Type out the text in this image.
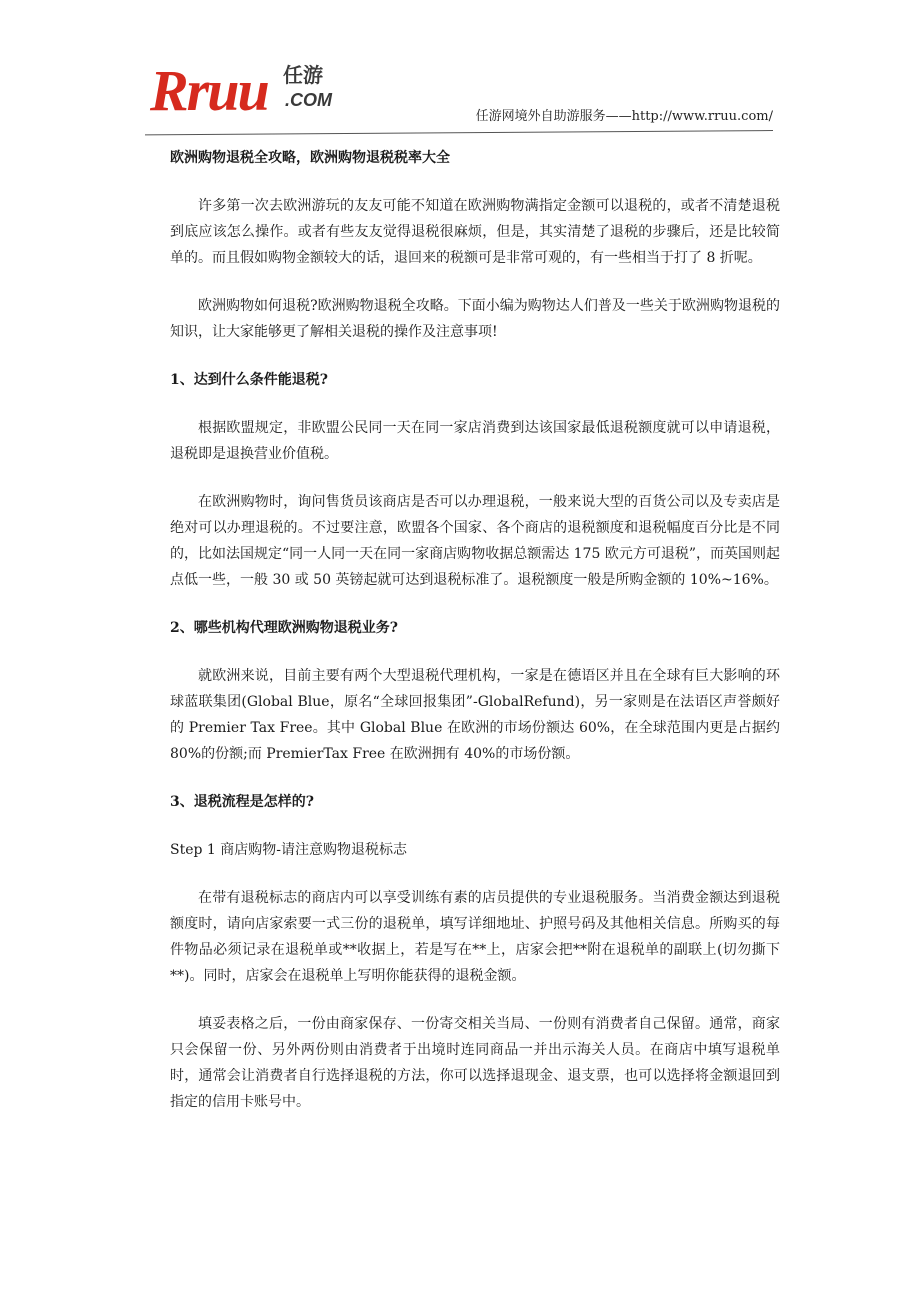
Rruu 任游
.COM
任游网境外自助游服务——http://www.rruu.com/
欧洲购物退税全攻略，欧洲购物退税税率大全

许多第一次去欧洲游玩的友友可能不知道在欧洲购物满指定金额可以退税的，或者不清楚退税到底应该怎么操作。或者有些友友觉得退税很麻烦，但是，其实清楚了退税的步骤后，还是比较简单的。而且假如购物金额较大的话，退回来的税额可是非常可观的，有一些相当于打了 8 折呢。

欧洲购物如何退税?欧洲购物退税全攻略。下面小编为购物达人们普及一些关于欧洲购物退税的知识，让大家能够更了解相关退税的操作及注意事项!

1、达到什么条件能退税?

根据欧盟规定，非欧盟公民同一天在同一家店消费到达该国家最低退税额度就可以申请退税，退税即是退换营业价值税。

在欧洲购物时，询问售货员该商店是否可以办理退税，一般来说大型的百货公司以及专卖店是绝对可以办理退税的。不过要注意，欧盟各个国家、各个商店的退税额度和退税幅度百分比是不同的，比如法国规定“同一人同一天在同一家商店购物收据总额需达 175 欧元方可退税”，而英国则起点低一些，一般 30 或 50 英镑起就可达到退税标准了。退税额度一般是所购金额的 10%~16%。

2、哪些机构代理欧洲购物退税业务?

就欧洲来说，目前主要有两个大型退税代理机构，一家是在德语区并且在全球有巨大影响的环球蓝联集团(Global Blue，原名“全球回报集团”-GlobalRefund)，另一家则是在法语区声誉颇好的 Premier Tax Free。其中 Global Blue 在欧洲的市场份额达 60%，在全球范围内更是占据约 80%的份额;而 PremierTax Free 在欧洲拥有 40%的市场份额。

3、退税流程是怎样的?
Step 1 商店购物-请注意购物退税标志

在带有退税标志的商店内可以享受训练有素的店员提供的专业退税服务。当消费金额达到退税额度时，请向店家索要一式三份的退税单，填写详细地址、护照号码及其他相关信息。所购买的每件物品必须记录在退税单或**收据上，若是写在**上，店家会把**附在退税单的副联上(切勿撕下**)。同时，店家会在退税单上写明你能获得的退税金额。

填妥表格之后，一份由商家保存、一份寄交相关当局、一份则有消费者自己保留。通常，商家只会保留一份、另外两份则由消费者于出境时连同商品一并出示海关人员。在商店中填写退税单时，通常会让消费者自行选择退税的方法，你可以选择退现金、退支票，也可以选择将金额退回到指定的信用卡账号中。
